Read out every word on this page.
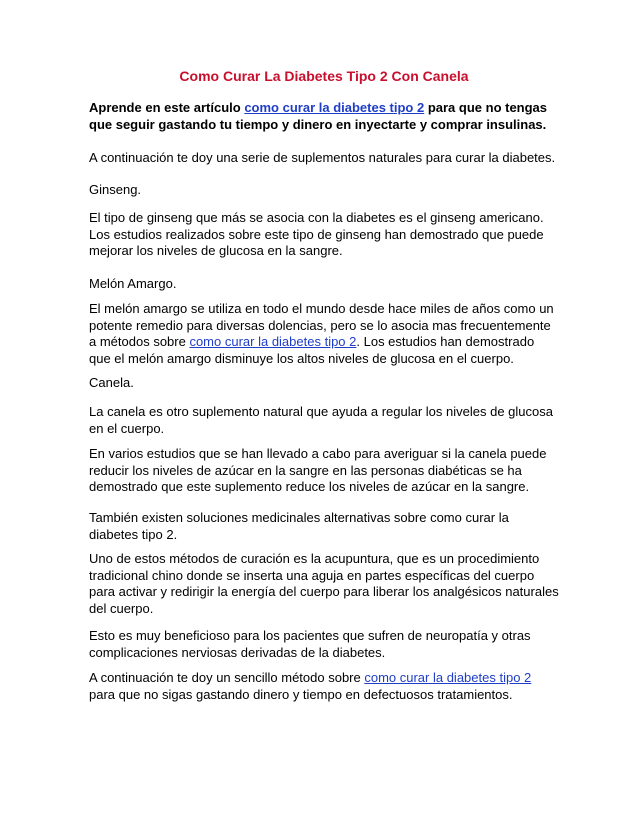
Como Curar La Diabetes Tipo 2 Con Canela

Aprende en este artículo como curar la diabetes tipo 2 para que no tengas que seguir gastando tu tiempo y dinero en inyectarte y comprar insulinas.

A continuación te doy una serie de suplementos naturales para curar la diabetes.

Ginseng.

El tipo de ginseng que más se asocia con la diabetes es el ginseng americano. Los estudios realizados sobre este tipo de ginseng han demostrado que puede mejorar los niveles de glucosa en la sangre.

Melón Amargo.

El melón amargo se utiliza en todo el mundo desde hace miles de años como un potente remedio para diversas dolencias, pero se lo asocia mas frecuentemente a métodos sobre como curar la diabetes tipo 2. Los estudios han demostrado que el melón amargo disminuye los altos niveles de glucosa en el cuerpo.

Canela.

La canela es otro suplemento natural que ayuda a regular los niveles de glucosa en el cuerpo.

En varios estudios que se han llevado a cabo para averiguar si la canela puede reducir los niveles de azúcar en la sangre en las personas diabéticas se ha demostrado que este suplemento reduce los niveles de azúcar en la sangre.

También existen soluciones medicinales alternativas sobre como curar la diabetes tipo 2.

Uno de estos métodos de curación es la acupuntura, que es un procedimiento tradicional chino donde se inserta una aguja en partes específicas del cuerpo para activar y redirigir la energía del cuerpo para liberar los analgésicos naturales del cuerpo.

Esto es muy beneficioso para los pacientes que sufren de neuropatía y otras complicaciones nerviosas derivadas de la diabetes.

A continuación te doy un sencillo método sobre como curar la diabetes tipo 2 para que no sigas gastando dinero y tiempo en defectuosos tratamientos.
